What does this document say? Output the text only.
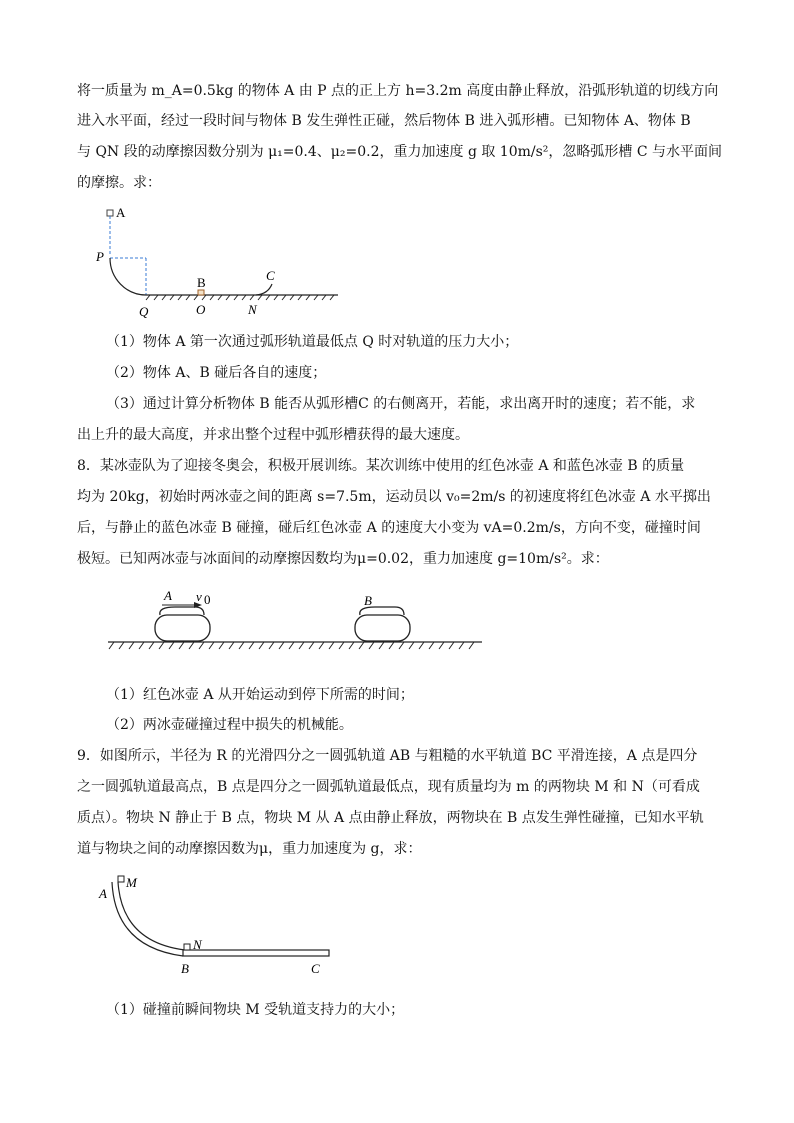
将一质量为 m_A=0.5kg 的物体 A 由 P 点的正上方 h=3.2m 高度由静止释放，沿弧形轨道的切线方向

进入水平面，经过一段时间与物体 B 发生弹性正碰，然后物体 B 进入弧形槽。已知物体 A、物体 B

与 QN 段的动摩擦因数分别为 μ₁=0.4、μ₂=0.2，重力加速度 g 取 10m/s²，忽略弧形槽 C 与水平面间

的摩擦。求：

A
P
B	C
Q	O	N

（1）物体 A 第一次通过弧形轨道最低点 Q 时对轨道的压力大小；

（2）物体 A、B 碰后各自的速度；

（3）通过计算分析物体 B 能否从弧形槽C 的右侧离开，若能，求出离开时的速度；若不能，求

出上升的最大高度，并求出整个过程中弧形槽获得的最大速度。

8．某冰壶队为了迎接冬奥会，积极开展训练。某次训练中使用的红色冰壶 A 和蓝色冰壶 B 的质量

均为 20kg，初始时两冰壶之间的距离 s=7.5m，运动员以 v₀=2m/s 的初速度将红色冰壶 A 水平掷出

后，与静止的蓝色冰壶 B 碰撞，碰后红色冰壶 A 的速度大小变为 vA=0.2m/s，方向不变，碰撞时间

极短。已知两冰壶与冰面间的动摩擦因数均为μ=0.02，重力加速度 g=10m/s²。求：

A v 0	B

（1）红色冰壶 A 从开始运动到停下所需的时间；

（2）两冰壶碰撞过程中损失的机械能。

9．如图所示，半径为 R 的光滑四分之一圆弧轨道 AB 与粗糙的水平轨道 BC 平滑连接，A 点是四分

之一圆弧轨道最高点，B 点是四分之一圆弧轨道最低点，现有质量均为 m 的两物块 M 和 N（可看成

质点）。物块 N 静止于 B 点，物块 M 从 A 点由静止释放，两物块在 B 点发生弹性碰撞，已知水平轨

道与物块之间的动摩擦因数为μ，重力加速度为 g，求：

M
A
N
B	C

（1）碰撞前瞬间物块 M 受轨道支持力的大小；
